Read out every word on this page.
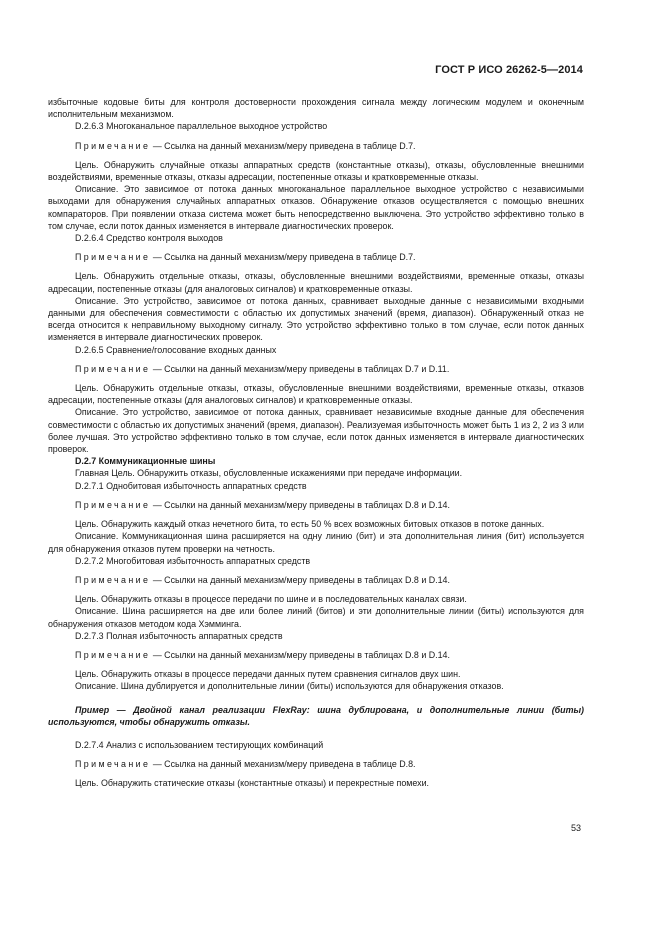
ГОСТ Р ИСО 26262-5—2014

избыточные кодовые биты для контроля достоверности прохождения сигнала между логическим модулем и оконечным исполнительным механизмом.

D.2.6.3 Многоканальное параллельное выходное устройство

Примечание — Ссылка на данный механизм/меру приведена в таблице D.7.

Цель. Обнаружить случайные отказы аппаратных средств (константные отказы), отказы, обусловленные внешними воздействиями, временные отказы, отказы адресации, постепенные отказы и кратковременные отказы.

Описание. Это зависимое от потока данных многоканальное параллельное выходное устройство с независимыми выходами для обнаружения случайных аппаратных отказов. Обнаружение отказов осуществляется с помощью внешних компараторов. При появлении отказа система может быть непосредственно выключена. Это устройство эффективно только в том случае, если поток данных изменяется в интервале диагностических проверок.

D.2.6.4 Средство контроля выходов

Примечание — Ссылка на данный механизм/меру приведена в таблице D.7.

Цель. Обнаружить отдельные отказы, отказы, обусловленные внешними воздействиями, временные отказы, отказы адресации, постепенные отказы (для аналоговых сигналов) и кратковременные отказы.

Описание. Это устройство, зависимое от потока данных, сравнивает выходные данные с независимыми входными данными для обеспечения совместимости с областью их допустимых значений (время, диапазон). Обнаруженный отказ не всегда относится к неправильному выходному сигналу. Это устройство эффективно только в том случае, если поток данных изменяется в интервале диагностических проверок.

D.2.6.5 Сравнение/голосование входных данных

Примечание — Ссылки на данный механизм/меру приведены в таблицах D.7 и D.11.

Цель. Обнаружить отдельные отказы, отказы, обусловленные внешними воздействиями, временные отказы, отказов адресации, постепенные отказы (для аналоговых сигналов) и кратковременные отказы.

Описание. Это устройство, зависимое от потока данных, сравнивает независимые входные данные для обеспечения совместимости с областью их допустимых значений (время, диапазон). Реализуемая избыточность может быть 1 из 2, 2 из 3 или более лучшая. Это устройство эффективно только в том случае, если поток данных изменяется в интервале диагностических проверок.

D.2.7 Коммуникационные шины

Главная Цель. Обнаружить отказы, обусловленные искажениями при передаче информации.

D.2.7.1 Однобитовая избыточность аппаратных средств

Примечание — Ссылки на данный механизм/меру приведены в таблицах D.8 и D.14.

Цель. Обнаружить каждый отказ нечетного бита, то есть 50 % всех возможных битовых отказов в потоке данных.

Описание. Коммуникационная шина расширяется на одну линию (бит) и эта дополнительная линия (бит) используется для обнаружения отказов путем проверки на четность.

D.2.7.2 Многобитовая избыточность аппаратных средств

Примечание — Ссылки на данный механизм/меру приведены в таблицах D.8 и D.14.

Цель. Обнаружить отказы в процессе передачи по шине и в последовательных каналах связи.

Описание. Шина расширяется на две или более линий (битов) и эти дополнительные линии (биты) используются для обнаружения отказов методом кода Хэмминга.

D.2.7.3 Полная избыточность аппаратных средств

Примечание — Ссылки на данный механизм/меру приведены в таблицах D.8 и D.14.

Цель. Обнаружить отказы в процессе передачи данных путем сравнения сигналов двух шин.

Описание. Шина дублируется и дополнительные линии (биты) используются для обнаружения отказов.

Пример — Двойной канал реализации FlexRay: шина дублирована, и дополнительные линии (биты) используются, чтобы обнаружить отказы.

D.2.7.4 Анализ с использованием тестирующих комбинаций

Примечание — Ссылка на данный механизм/меру приведена в таблице D.8.

Цель. Обнаружить статические отказы (константные отказы) и перекрестные помехи.

53
